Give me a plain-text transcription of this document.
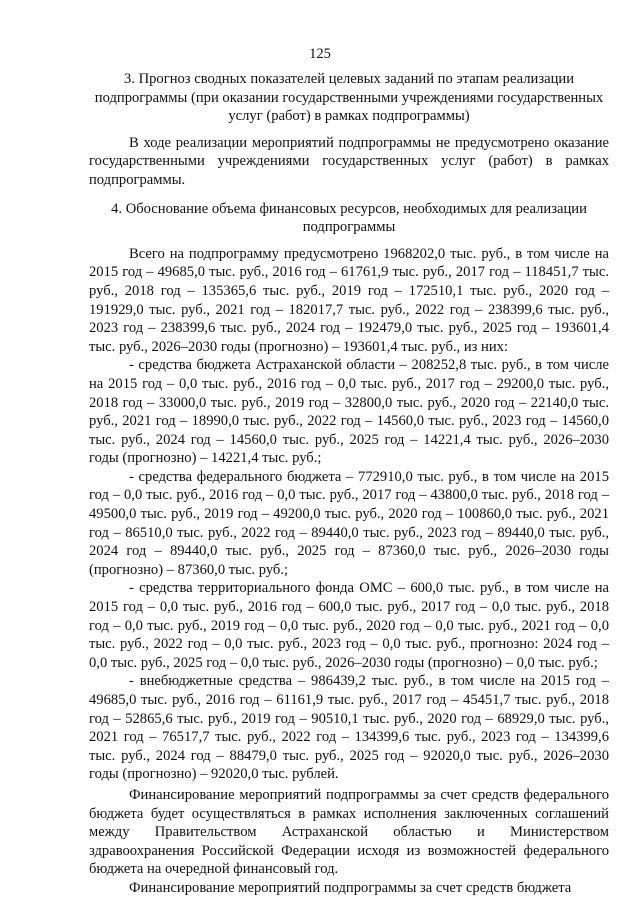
125

3. Прогноз сводных показателей целевых заданий по этапам реализации подпрограммы (при оказании государственными учреждениями государственных услуг (работ) в рамках подпрограммы)

В ходе реализации мероприятий подпрограммы не предусмотрено оказание государственными учреждениями государственных услуг (работ) в рамках подпрограммы.

4. Обоснование объема финансовых ресурсов, необходимых для реализации подпрограммы

Всего на подпрограмму предусмотрено 1968202,0 тыс. руб., в том числе на 2015 год – 49685,0 тыс. руб., 2016 год – 61761,9 тыс. руб., 2017 год – 118451,7 тыс. руб., 2018 год – 135365,6 тыс. руб., 2019 год – 172510,1 тыс. руб., 2020 год – 191929,0 тыс. руб., 2021 год – 182017,7 тыс. руб., 2022 год – 238399,6 тыс. руб., 2023 год – 238399,6 тыс. руб., 2024 год – 192479,0 тыс. руб., 2025 год – 193601,4 тыс. руб., 2026–2030 годы (прогнозно) – 193601,4 тыс. руб., из них:

- средства бюджета Астраханской области – 208252,8 тыс. руб., в том числе на 2015 год – 0,0 тыс. руб., 2016 год – 0,0 тыс. руб., 2017 год – 29200,0 тыс. руб., 2018 год – 33000,0 тыс. руб., 2019 год – 32800,0 тыс. руб., 2020 год – 22140,0 тыс. руб., 2021 год – 18990,0 тыс. руб., 2022 год – 14560,0 тыс. руб., 2023 год – 14560,0 тыс. руб., 2024 год – 14560,0 тыс. руб., 2025 год – 14221,4 тыс. руб., 2026–2030 годы (прогнозно) – 14221,4 тыс. руб.;

- средства федерального бюджета – 772910,0 тыс. руб., в том числе на 2015 год – 0,0 тыс. руб., 2016 год – 0,0 тыс. руб., 2017 год – 43800,0 тыс. руб., 2018 год – 49500,0 тыс. руб., 2019 год – 49200,0 тыс. руб., 2020 год – 100860,0 тыс. руб., 2021 год – 86510,0 тыс. руб., 2022 год – 89440,0 тыс. руб., 2023 год – 89440,0 тыс. руб., 2024 год – 89440,0 тыс. руб., 2025 год – 87360,0 тыс. руб., 2026–2030 годы (прогнозно) – 87360,0 тыс. руб.;

- средства территориального фонда ОМС – 600,0 тыс. руб., в том числе на 2015 год – 0,0 тыс. руб., 2016 год – 600,0 тыс. руб., 2017 год – 0,0 тыс. руб., 2018 год – 0,0 тыс. руб., 2019 год – 0,0 тыс. руб., 2020 год – 0,0 тыс. руб., 2021 год – 0,0 тыс. руб., 2022 год – 0,0 тыс. руб., 2023 год – 0,0 тыс. руб., прогнозно: 2024 год – 0,0 тыс. руб., 2025 год – 0,0 тыс. руб., 2026–2030 годы (прогнозно) – 0,0 тыс. руб.;

- внебюджетные средства – 986439,2 тыс. руб., в том числе на 2015 год – 49685,0 тыс. руб., 2016 год – 61161,9 тыс. руб., 2017 год – 45451,7 тыс. руб., 2018 год – 52865,6 тыс. руб., 2019 год – 90510,1 тыс. руб., 2020 год – 68929,0 тыс. руб., 2021 год – 76517,7 тыс. руб., 2022 год – 134399,6 тыс. руб., 2023 год – 134399,6 тыс. руб., 2024 год – 88479,0 тыс. руб., 2025 год – 92020,0 тыс. руб., 2026–2030 годы (прогнозно) – 92020,0 тыс. рублей.

Финансирование мероприятий подпрограммы за счет средств федерального бюджета будет осуществляться в рамках исполнения заключенных соглашений между Правительством Астраханской областью и Министерством здравоохранения Российской Федерации исходя из возможностей федерального бюджета на очередной финансовый год.

Финансирование мероприятий подпрограммы за счет средств бюджета
